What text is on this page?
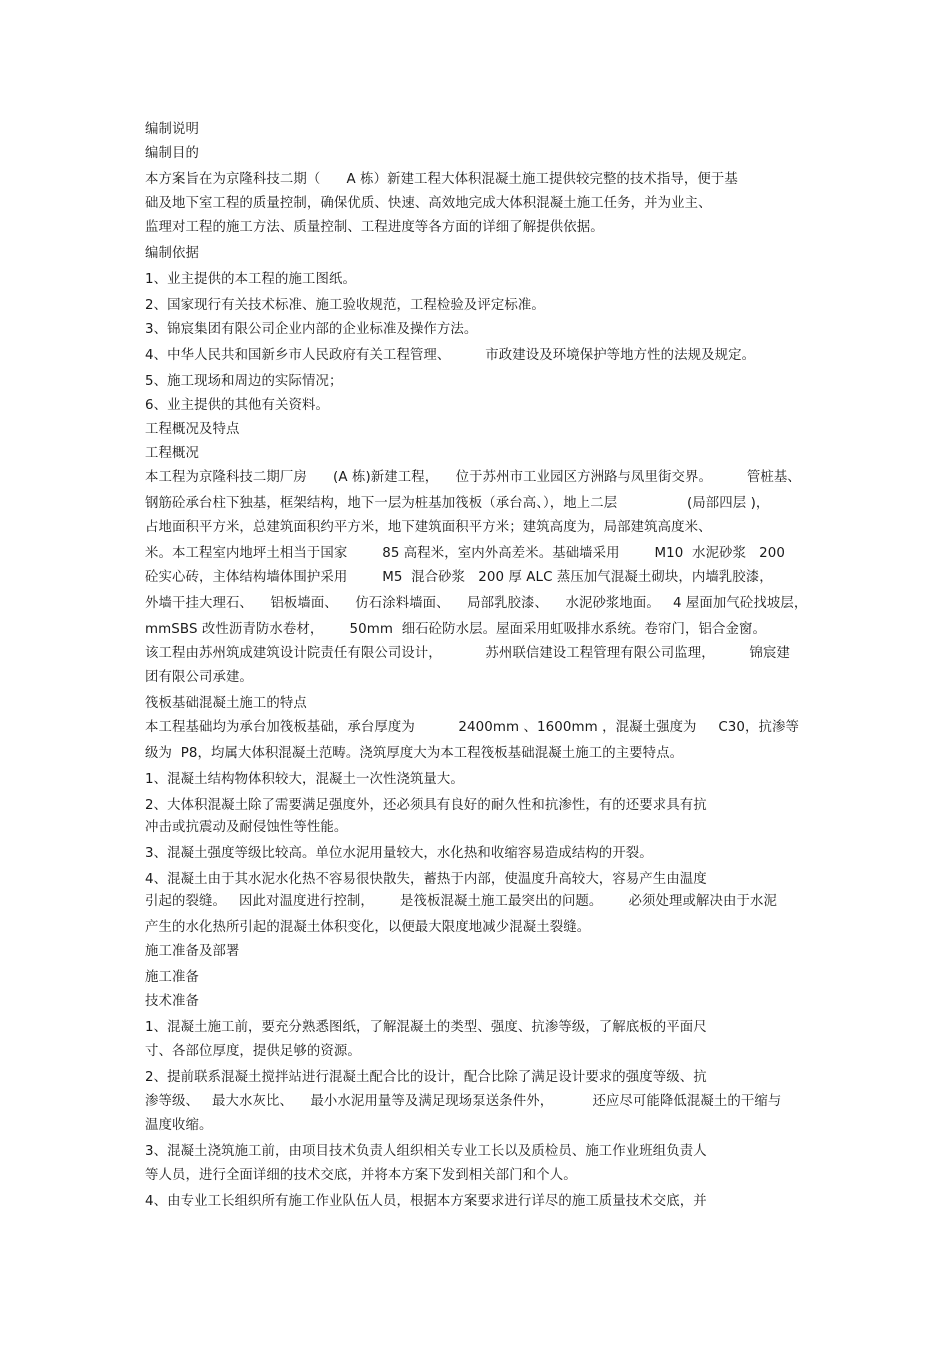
编制说明
编制目的
本方案旨在为京隆科技二期（      A 栋）新建工程大体积混凝土施工提供较完整的技术指导，便于基
础及地下室工程的质量控制，确保优质、快速、高效地完成大体积混凝土施工任务，并为业主、
监理对工程的施工方法、质量控制、工程进度等各方面的详细了解提供依据。
编制依据
1、业主提供的本工程的施工图纸。
2、国家现行有关技术标准、施工验收规范，工程检验及评定标准。
3、锦宸集团有限公司企业内部的企业标准及操作方法。
4、中华人民共和国新乡市人民政府有关工程管理、        市政建设及环境保护等地方性的法规及规定。
5、施工现场和周边的实际情况；
6、业主提供的其他有关资料。
工程概况及特点
工程概况
本工程为京隆科技二期厂房      (A 栋)新建工程，    位于苏州市工业园区方洲路与凤里街交界。        管桩基、
钢筋砼承台柱下独基，框架结构，地下一层为桩基加筏板（承台高、），地上二层                (局部四层 )，
占地面积平方米，总建筑面积约平方米，地下建筑面积平方米；建筑高度为，局部建筑高度米、
米。本工程室内地坪土相当于国家        85 高程米，室内外高差米。基础墙采用        M10  水泥砂浆   200
砼实心砖，主体结构墙体围护采用        M5  混合砂浆   200 厚 ALC 蒸压加气混凝土砌块，内墙乳胶漆，
外墙干挂大理石、    铝板墙面、    仿石涂料墙面、    局部乳胶漆、    水泥砂浆地面。   4 屋面加气砼找坡层，
mmSBS 改性沥青防水卷材，      50mm  细石砼防水层。屋面采用虹吸排水系统。卷帘门，铝合金窗。
该工程由苏州筑成建筑设计院责任有限公司设计，          苏州联信建设工程管理有限公司监理，        锦宸建
团有限公司承建。
筏板基础混凝土施工的特点
本工程基础均为承台加筏板基础，承台厚度为          2400mm 、1600mm ，混凝土强度为     C30，抗渗等
级为  P8，均属大体积混凝土范畴。浇筑厚度大为本工程筏板基础混凝土施工的主要特点。
1、混凝土结构物体积较大，混凝土一次性浇筑量大。
2、大体积混凝土除了需要满足强度外，还必须具有良好的耐久性和抗渗性，有的还要求具有抗
冲击或抗震动及耐侵蚀性等性能。
3、混凝土强度等级比较高。单位水泥用量较大，水化热和收缩容易造成结构的开裂。
4、混凝土由于其水泥水化热不容易很快散失，蓄热于内部，使温度升高较大，容易产生由温度
引起的裂缝。   因此对温度进行控制，      是筏板混凝土施工最突出的问题。      必须处理或解决由于水泥
产生的水化热所引起的混凝土体积变化，以便最大限度地减少混凝土裂缝。
施工准备及部署
施工准备
技术准备
1、混凝土施工前，要充分熟悉图纸，了解混凝土的类型、强度、抗渗等级，了解底板的平面尺
寸、各部位厚度，提供足够的资源。
2、提前联系混凝土搅拌站进行混凝土配合比的设计，配合比除了满足设计要求的强度等级、抗
渗等级、   最大水灰比、    最小水泥用量等及满足现场泵送条件外，         还应尽可能降低混凝土的干缩与
温度收缩。
3、混凝土浇筑施工前，由项目技术负责人组织相关专业工长以及质检员、施工作业班组负责人
等人员，进行全面详细的技术交底，并将本方案下发到相关部门和个人。
4、由专业工长组织所有施工作业队伍人员，根据本方案要求进行详尽的施工质量技术交底，并
